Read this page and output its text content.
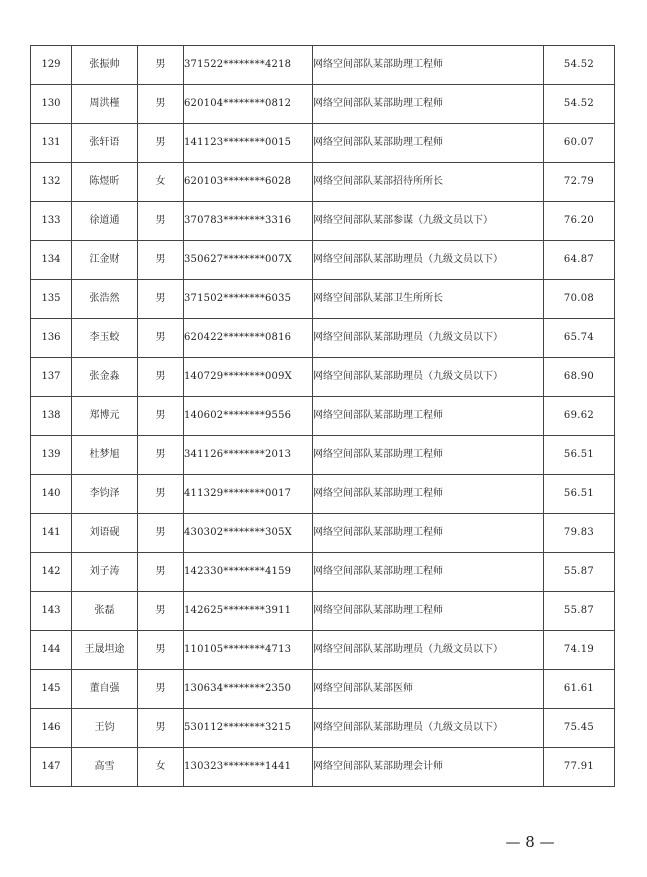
129	张振帅	男	371522********4218	网络空间部队某部助理工程师	54.52
130	周洪槿	男	620104********0812	网络空间部队某部助理工程师	54.52
131	张轩语	男	141123********0015	网络空间部队某部助理工程师	60.07
132	陈煜昕	女	620103********6028	网络空间部队某部招待所所长	72.79
133	徐道通	男	370783********3316	网络空间部队某部参谋（九级文员以下）	76.20
134	江金财	男	350627********007X	网络空间部队某部助理员（九级文员以下）	64.87
135	张浩然	男	371502********6035	网络空间部队某部卫生所所长	70.08
136	李玉蛟	男	620422********0816	网络空间部队某部助理员（九级文员以下）	65.74
137	张金淼	男	140729********009X	网络空间部队某部助理员（九级文员以下）	68.90
138	郑博元	男	140602********9556	网络空间部队某部助理工程师	69.62
139	杜梦旭	男	341126********2013	网络空间部队某部助理工程师	56.51
140	李钧泽	男	411329********0017	网络空间部队某部助理工程师	56.51
141	刘语砚	男	430302********305X	网络空间部队某部助理工程师	79.83
142	刘子涛	男	142330********4159	网络空间部队某部助理工程师	55.87
143	张磊	男	142625********3911	网络空间部队某部助理工程师	55.87
144	王晟坦途	男	110105********4713	网络空间部队某部助理员（九级文员以下）	74.19
145	董自强	男	130634********2350	网络空间部队某部医师	61.61
146	王钧	男	530112********3215	网络空间部队某部助理员（九级文员以下）	75.45
147	高雪	女	130323********1441	网络空间部队某部助理会计师	77.91
— 8 —
